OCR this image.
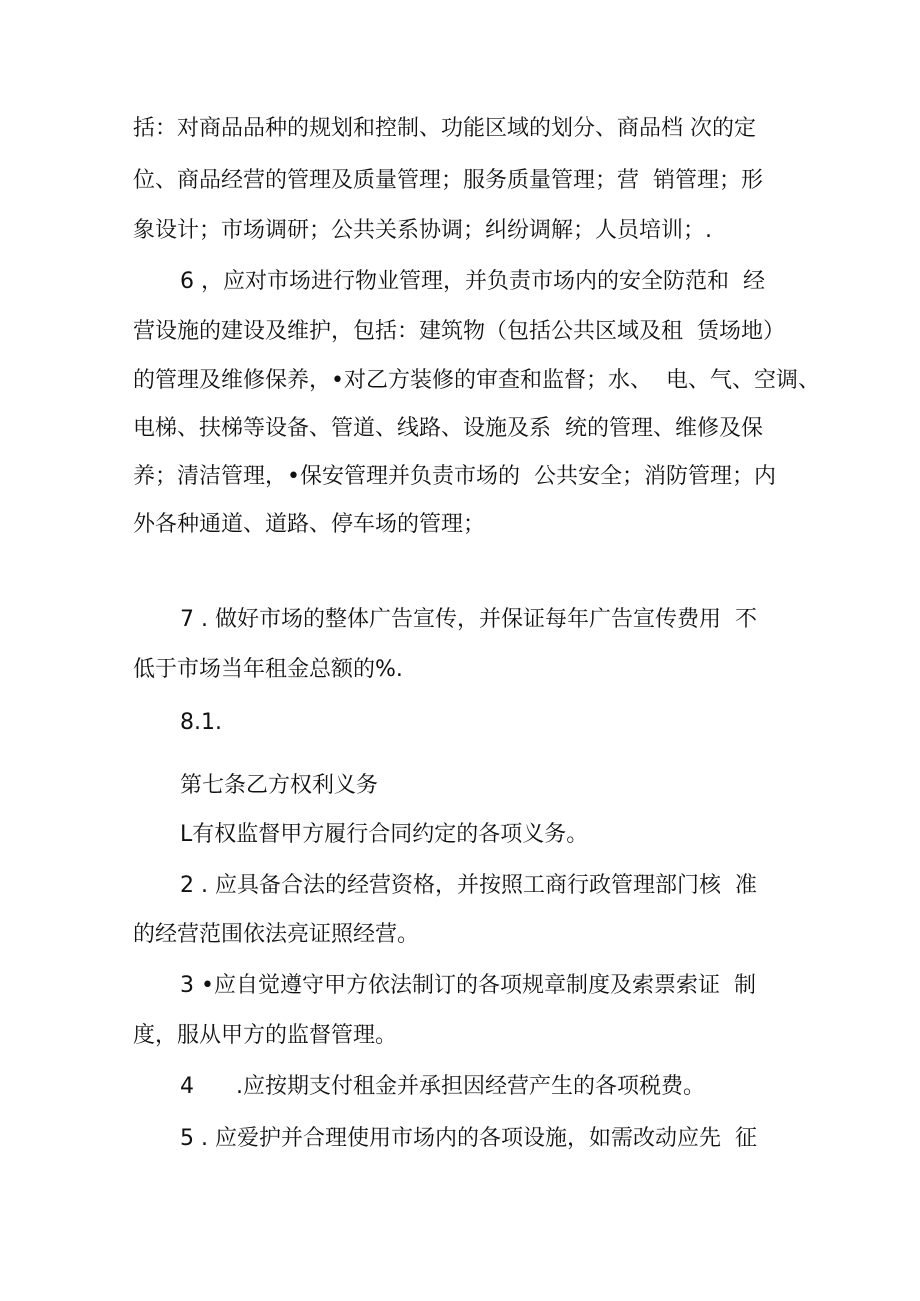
括：对商品品种的规划和控制、功能区域的划分、商品档 次的定
位、商品经营的管理及质量管理；服务质量管理；营  销管理；形
象设计；市场调研；公共关系协调；纠纷调解；人员培训；.
6 ，应对市场进行物业管理，并负责市场内的安全防范和  经
营设施的建设及维护，包括：建筑物（包括公共区域及租  赁场地）
的管理及维修保养，•对乙方装修的审查和监督；水、  电、气、空调、
电梯、扶梯等设备、管道、线路、设施及系  统的管理、维修及保
养；清洁管理，•保安管理并负责市场的  公共安全；消防管理；内
外各种通道、道路、停车场的管理；
7 . 做好市场的整体广告宣传，并保证每年广告宣传费用  不
低于市场当年租金总额的%.
8.1.
第七条乙方权利义务
L有权监督甲方履行合同约定的各项义务。
2 . 应具备合法的经营资格，并按照工商行政管理部门核  准
的经营范围依法亮证照经营。
3 •应自觉遵守甲方依法制订的各项规章制度及索票索证  制
度，服从甲方的监督管理。
4      .应按期支付租金并承担因经营产生的各项税费。
5 . 应爱护并合理使用市场内的各项设施，如需改动应先  征
